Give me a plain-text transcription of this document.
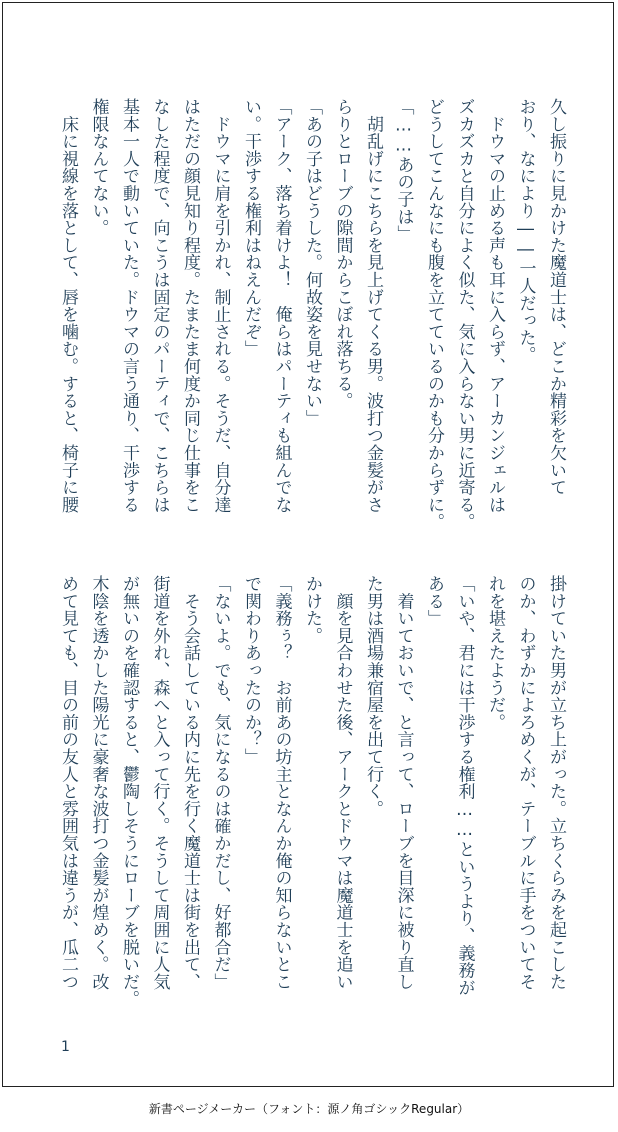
久し振りに見かけた魔道士は、どこか精彩を欠いて
おり、なにより――一人だった。
　ドウマの止める声も耳に入らず、アーカンジェルは
ズカズカと自分によく似た、気に入らない男に近寄る。
どうしてこんなにも腹を立てているのかも分からずに。
「……あの子は」
　胡乱げにこちらを見上げてくる男。波打つ金髪がさ
らりとローブの隙間からこぼれ落ちる。
「あの子はどうした。何故姿を見せない」
「アーク、落ち着けよ！　俺らはパーティも組んでな
い。干渉する権利はねえんだぞ」
　ドウマに肩を引かれ、制止される。そうだ、自分達
はただの顔見知り程度。たまたま何度か同じ仕事をこ
なした程度で、向こうは固定のパーティで、こちらは
基本一人で動いていた。ドウマの言う通り、干渉する
権限なんてない。
　床に視線を落として、唇を噛む。すると、椅子に腰
掛けていた男が立ち上がった。立ちくらみを起こした
のか、わずかによろめくが、テーブルに手をついてそ
れを堪えたようだ。
「いや、君には干渉する権利……というより、義務が
ある」
　着いておいで、と言って、ローブを目深に被り直し
た男は酒場兼宿屋を出て行く。
　顔を見合わせた後、アークとドウマは魔道士を追い
かけた。
「義務ぅ？　お前あの坊主となんか俺の知らないとこ
で関わりあったのか？」
「ないよ。でも、気になるのは確かだし、好都合だ」
　そう会話している内に先を行く魔道士は街を出て、
街道を外れ、森へと入って行く。そうして周囲に人気
が無いのを確認すると、鬱陶しそうにローブを脱いだ。
木陰を透かした陽光に豪奢な波打つ金髪が煌めく。改
めて見ても、目の前の友人と雰囲気は違うが、瓜二つ
1
新書ページメーカー（フォント：源ノ角ゴシックRegular）
